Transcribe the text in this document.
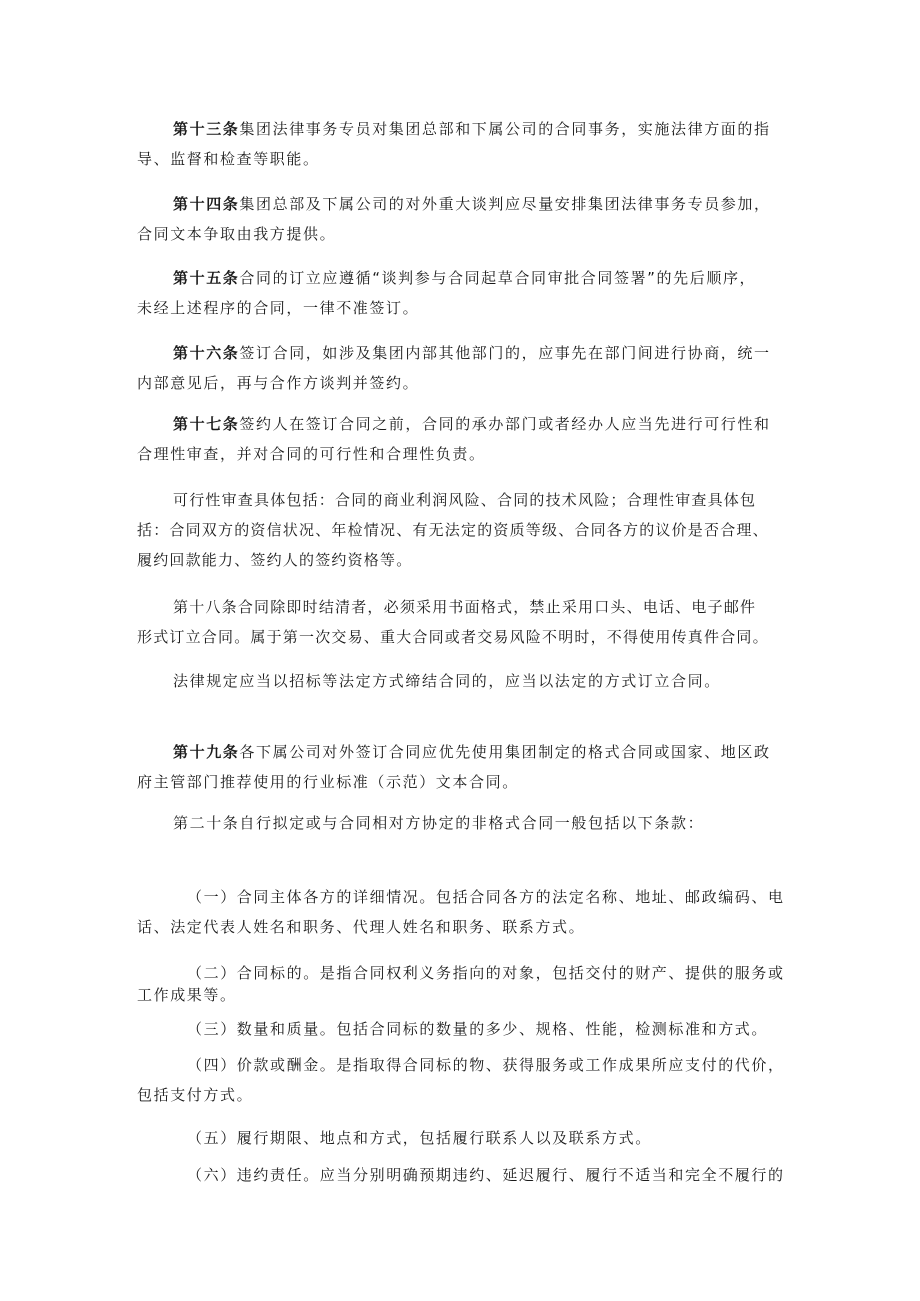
第十三条集团法律事务专员对集团总部和下属公司的合同事务，实施法律方面的指
导、监督和检查等职能。
第十四条集团总部及下属公司的对外重大谈判应尽量安排集团法律事务专员参加，
合同文本争取由我方提供。
第十五条合同的订立应遵循“谈判参与合同起草合同审批合同签署”的先后顺序，
未经上述程序的合同，一律不准签订。
第十六条签订合同，如涉及集团内部其他部门的，应事先在部门间进行协商，统一
内部意见后，再与合作方谈判并签约。
第十七条签约人在签订合同之前，合同的承办部门或者经办人应当先进行可行性和
合理性审查，并对合同的可行性和合理性负责。
可行性审查具体包括：合同的商业利润风险、合同的技术风险；合理性审查具体包
括：合同双方的资信状况、年检情况、有无法定的资质等级、合同各方的议价是否合理、
履约回款能力、签约人的签约资格等。
第十八条合同除即时结清者，必须采用书面格式，禁止采用口头、电话、电子邮件
形式订立合同。属于第一次交易、重大合同或者交易风险不明时，不得使用传真件合同。
法律规定应当以招标等法定方式缔结合同的，应当以法定的方式订立合同。
第十九条各下属公司对外签订合同应优先使用集团制定的格式合同或国家、地区政
府主管部门推荐使用的行业标准（示范）文本合同。
第二十条自行拟定或与合同相对方协定的非格式合同一般包括以下条款：
（一）合同主体各方的详细情况。包括合同各方的法定名称、地址、邮政编码、电
话、法定代表人姓名和职务、代理人姓名和职务、联系方式。
（二）合同标的。是指合同权利义务指向的对象，包括交付的财产、提供的服务或
工作成果等。
（三）数量和质量。包括合同标的数量的多少、规格、性能，检测标准和方式。
（四）价款或酬金。是指取得合同标的物、获得服务或工作成果所应支付的代价，
包括支付方式。
（五）履行期限、地点和方式，包括履行联系人以及联系方式。
（六）违约责任。应当分别明确预期违约、延迟履行、履行不适当和完全不履行的
